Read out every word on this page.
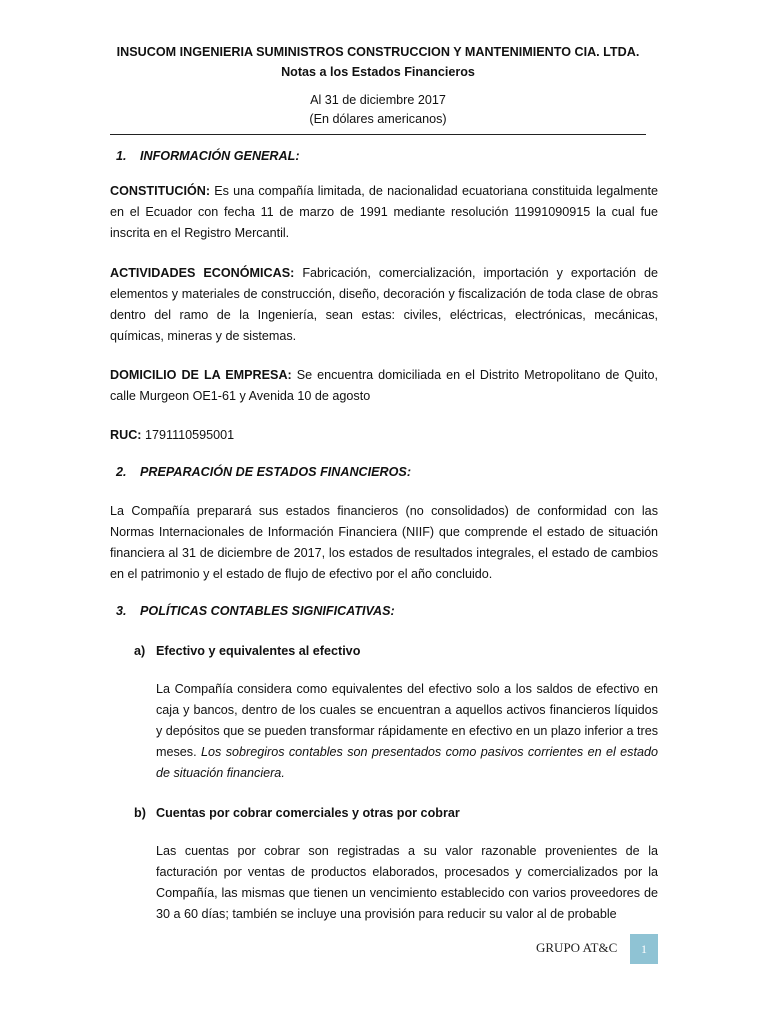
INSUCOM INGENIERIA SUMINISTROS CONSTRUCCION Y MANTENIMIENTO CIA. LTDA.
Notas a los Estados Financieros
Al 31 de diciembre 2017
(En dólares americanos)
1. INFORMACIÓN GENERAL:

CONSTITUCIÓN: Es una compañía limitada, de nacionalidad ecuatoriana constituida legalmente en el Ecuador con fecha 11 de marzo de 1991 mediante resolución 11991090915 la cual fue inscrita en el Registro Mercantil.

ACTIVIDADES ECONÓMICAS: Fabricación, comercialización, importación y exportación de elementos y materiales de construcción, diseño, decoración y fiscalización de toda clase de obras dentro del ramo de la Ingeniería, sean estas: civiles, eléctricas, electrónicas, mecánicas, químicas, mineras y de sistemas.

DOMICILIO DE LA EMPRESA: Se encuentra domiciliada en el Distrito Metropolitano de Quito, calle Murgeon OE1-61 y Avenida 10 de agosto

RUC: 1791110595001

2. PREPARACIÓN DE ESTADOS FINANCIEROS:

La Compañía preparará sus estados financieros (no consolidados) de conformidad con las Normas Internacionales de Información Financiera (NIIF) que comprende el estado de situación financiera al 31 de diciembre de 2017, los estados de resultados integrales, el estado de cambios en el patrimonio y el estado de flujo de efectivo por el año concluido.

3. POLÍTICAS CONTABLES SIGNIFICATIVAS:
a) Efectivo y equivalentes al efectivo

La Compañía considera como equivalentes del efectivo solo a los saldos de efectivo en caja y bancos, dentro de los cuales se encuentran a aquellos activos financieros líquidos y depósitos que se pueden transformar rápidamente en efectivo en un plazo inferior a tres meses. Los sobregiros contables son presentados como pasivos corrientes en el estado de situación financiera.

b) Cuentas por cobrar comerciales y otras por cobrar

Las cuentas por cobrar son registradas a su valor razonable provenientes de la facturación por ventas de productos elaborados, procesados y comercializados por la Compañía, las mismas que tienen un vencimiento establecido con varios proveedores de 30 a 60 días; también se incluye una provisión para reducir su valor al de probable

GRUPO AT&C	1
